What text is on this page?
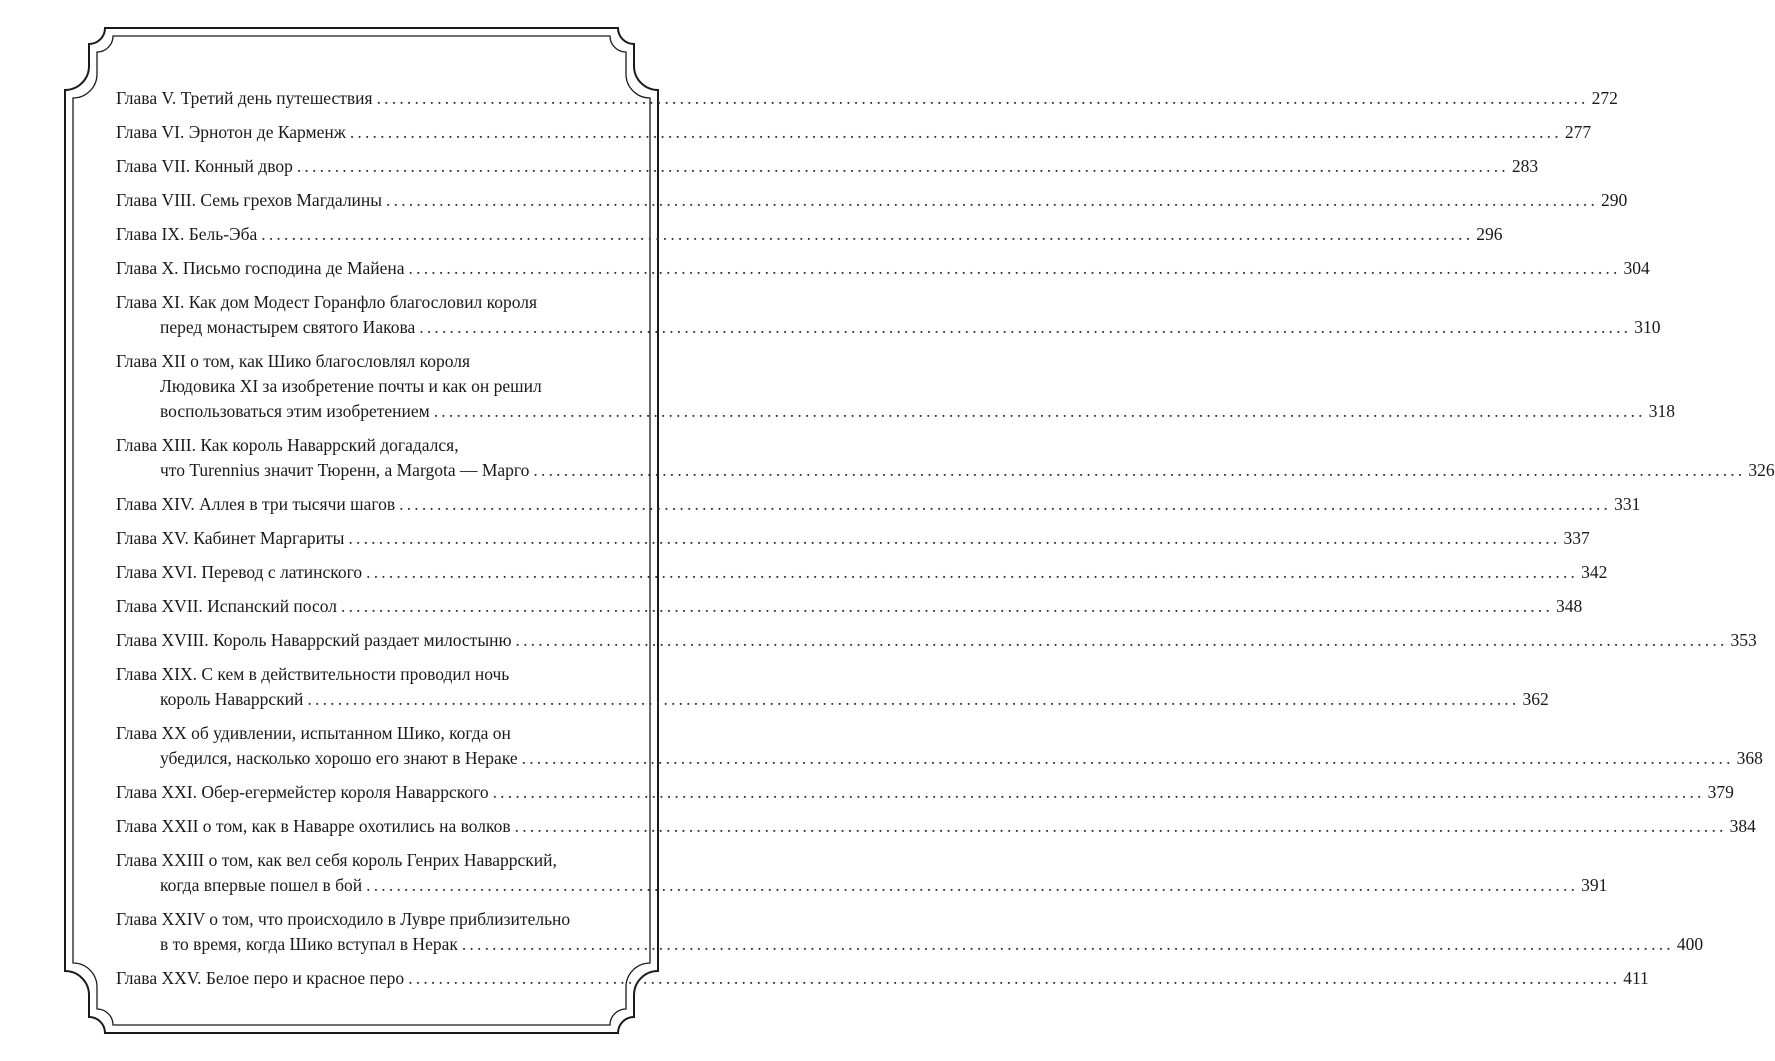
Глава V. Третий день путешествия ................................................................................................................................................................ 272
Глава VI. Эрнотон де Карменж ................................................................................................................................................................ 277
Глава VII. Конный двор ................................................................................................................................................................ 283
Глава VIII. Семь грехов Магдалины ................................................................................................................................................................ 290
Глава IX. Бель-Эба ................................................................................................................................................................ 296
Глава X. Письмо господина де Майена ................................................................................................................................................................ 304
Глава XI. Как дом Модест Горанфло благословил короля
перед монастырем святого Иакова ................................................................................................................................................................ 310
Глава XII о том, как Шико благословлял короля
Людовика XI за изобретение почты и как он решил
воспользоваться этим изобретением ................................................................................................................................................................ 318
Глава XIII. Как король Наваррский догадался,
что Turennius значит Тюренн, а Margota — Марго ................................................................................................................................................................ 326
Глава XIV. Аллея в три тысячи шагов ................................................................................................................................................................ 331
Глава XV. Кабинет Маргариты ................................................................................................................................................................ 337
Глава XVI. Перевод с латинского ................................................................................................................................................................ 342
Глава XVII. Испанский посол ................................................................................................................................................................ 348
Глава XVIII. Король Наваррский раздает милостыню ................................................................................................................................................................ 353
Глава XIX. С кем в действительности проводил ночь
король Наваррский ................................................................................................................................................................ 362
Глава XX об удивлении, испытанном Шико, когда он
убедился, насколько хорошо его знают в Нераке ................................................................................................................................................................ 368
Глава XXI. Обер-егермейстер короля Наваррского ................................................................................................................................................................ 379
Глава XXII о том, как в Наварре охотились на волков ................................................................................................................................................................ 384
Глава XXIII о том, как вел себя король Генрих Наваррский,
когда впервые пошел в бой ................................................................................................................................................................ 391
Глава XXIV о том, что происходило в Лувре приблизительно
в то время, когда Шико вступал в Нерак ................................................................................................................................................................ 400
Глава XXV. Белое перо и красное перо ................................................................................................................................................................ 411
